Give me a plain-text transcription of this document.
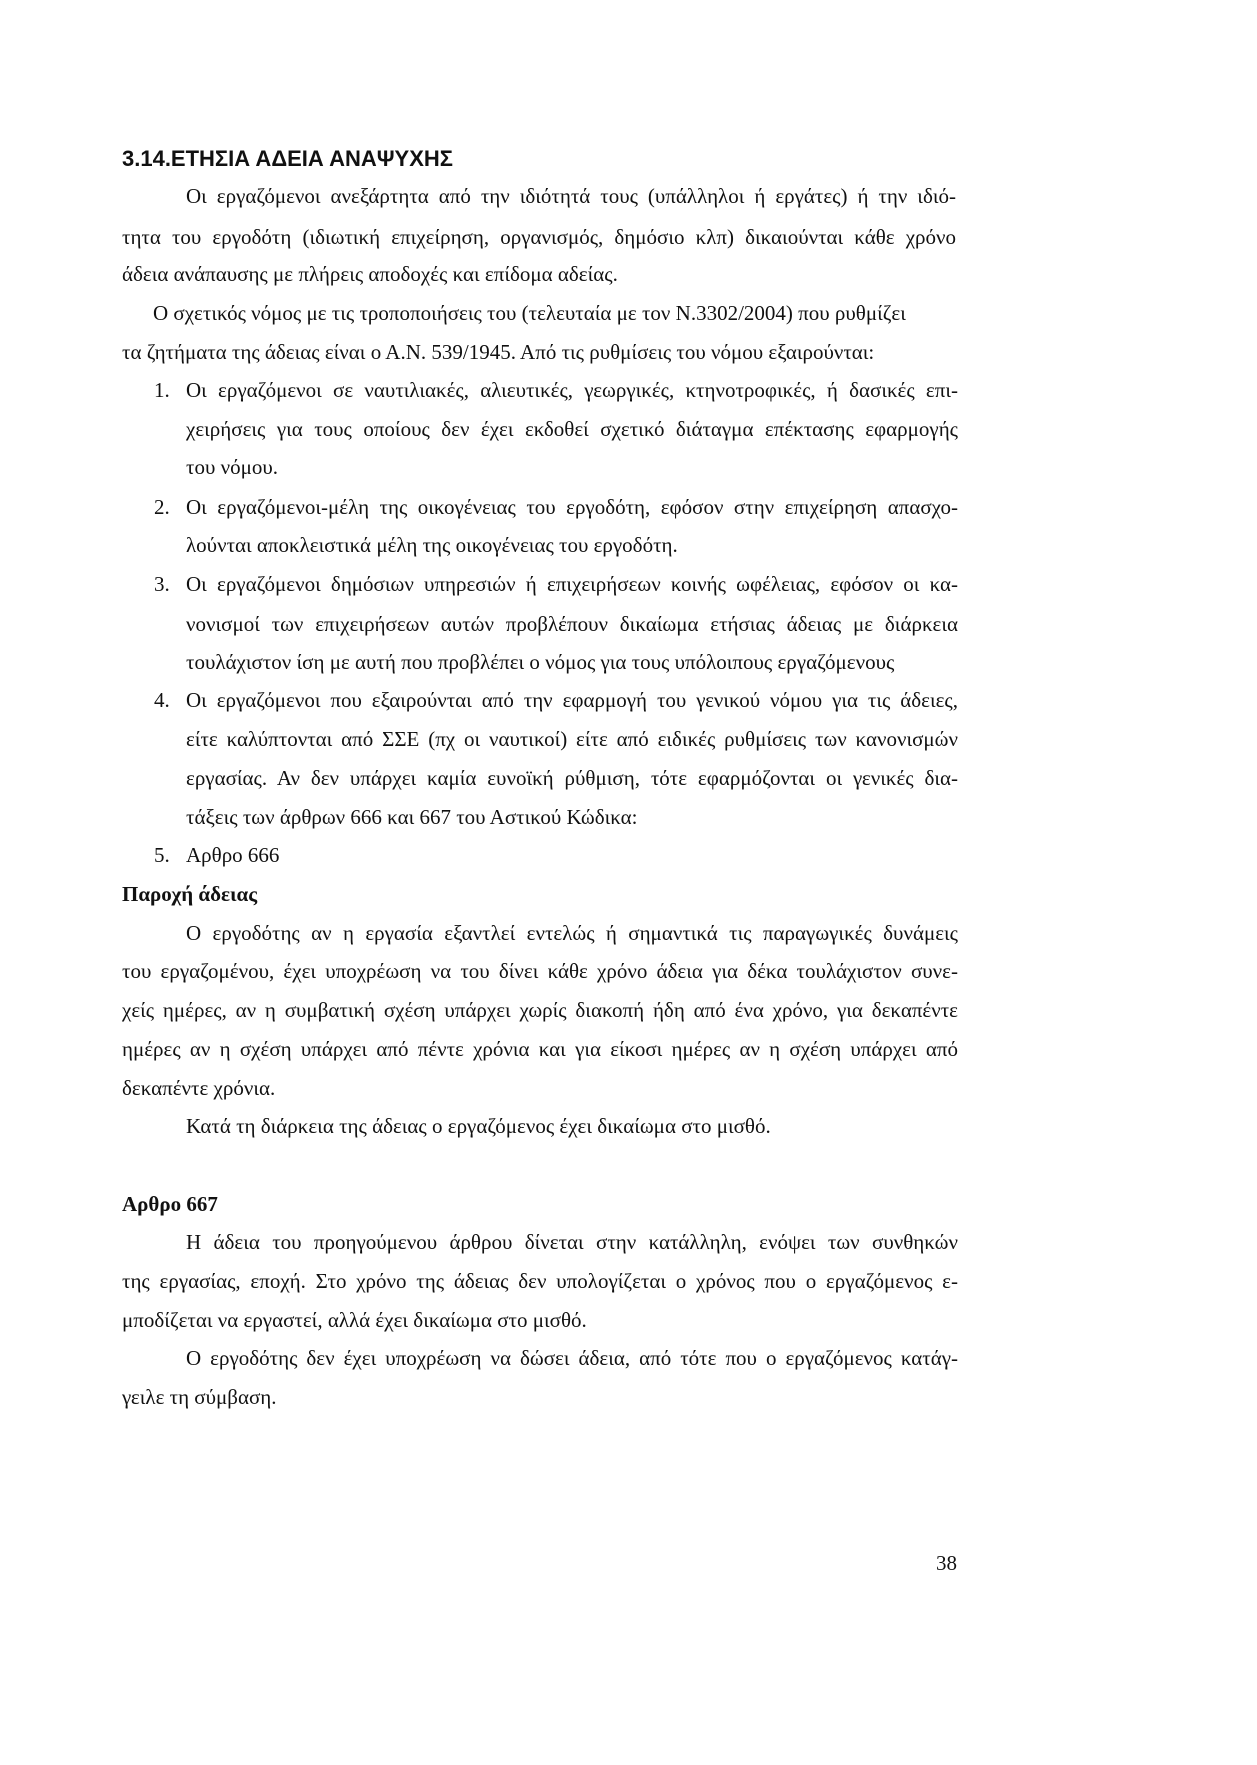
3.14.ΕΤΗΣΙΑ ΑΔΕΙΑ ΑΝΑΨΥΧΗΣ
Οι εργαζόμενοι ανεξάρτητα από την ιδιότητά τους (υπάλληλοι ή εργάτες) ή την ιδιό-
τητα του εργοδότη (ιδιωτική επιχείρηση, οργανισμός, δημόσιο κλπ) δικαιούνται κάθε χρόνο
άδεια ανάπαυσης με πλήρεις αποδοχές και επίδομα αδείας.
Ο σχετικός νόμος με τις τροποποιήσεις του (τελευταία με τον Ν.3302/2004) που ρυθμίζει
τα ζητήματα της άδειας είναι ο Α.Ν. 539/1945. Από τις ρυθμίσεις του νόμου εξαιρούνται:
1. Οι εργαζόμενοι σε ναυτιλιακές, αλιευτικές, γεωργικές, κτηνοτροφικές, ή δασικές επι-
χειρήσεις για τους οποίους δεν έχει εκδοθεί σχετικό διάταγμα επέκτασης εφαρμογής
του νόμου.
2. Οι εργαζόμενοι-μέλη της οικογένειας του εργοδότη, εφόσον στην επιχείρηση απασχο-
λούνται αποκλειστικά μέλη της οικογένειας του εργοδότη.
3. Οι εργαζόμενοι δημόσιων υπηρεσιών ή επιχειρήσεων κοινής ωφέλειας, εφόσον οι κα-
νονισμοί των επιχειρήσεων αυτών προβλέπουν δικαίωμα ετήσιας άδειας με διάρκεια
τουλάχιστον ίση με αυτή που προβλέπει ο νόμος για τους υπόλοιπους εργαζόμενους
4. Οι εργαζόμενοι που εξαιρούνται από την εφαρμογή του γενικού νόμου για τις άδειες,
είτε καλύπτονται από ΣΣΕ (πχ οι ναυτικοί) είτε από ειδικές ρυθμίσεις των κανονισμών
εργασίας. Αν δεν υπάρχει καμία ευνοϊκή ρύθμιση, τότε εφαρμόζονται οι γενικές δια-
τάξεις των άρθρων 666 και 667 του Αστικού Κώδικα:
5. Αρθρο 666
Παροχή άδειας
Ο εργοδότης αν η εργασία εξαντλεί εντελώς ή σημαντικά τις παραγωγικές δυνάμεις
του εργαζομένου, έχει υποχρέωση να του δίνει κάθε χρόνο άδεια για δέκα τουλάχιστον συνε-
χείς ημέρες, αν η συμβατική σχέση υπάρχει χωρίς διακοπή ήδη από ένα χρόνο, για δεκαπέντε
ημέρες αν η σχέση υπάρχει από πέντε χρόνια και για είκοσι ημέρες αν η σχέση υπάρχει από
δεκαπέντε χρόνια.
Κατά τη διάρκεια της άδειας ο εργαζόμενος έχει δικαίωμα στο μισθό.
Αρθρο 667
Η άδεια του προηγούμενου άρθρου δίνεται στην κατάλληλη, ενόψει των συνθηκών
της εργασίας, εποχή. Στο χρόνο της άδειας δεν υπολογίζεται ο χρόνος που ο εργαζόμενος ε-
μποδίζεται να εργαστεί, αλλά έχει δικαίωμα στο μισθό.
Ο εργοδότης δεν έχει υποχρέωση να δώσει άδεια, από τότε που ο εργαζόμενος κατάγ-
γειλε τη σύμβαση.
38
